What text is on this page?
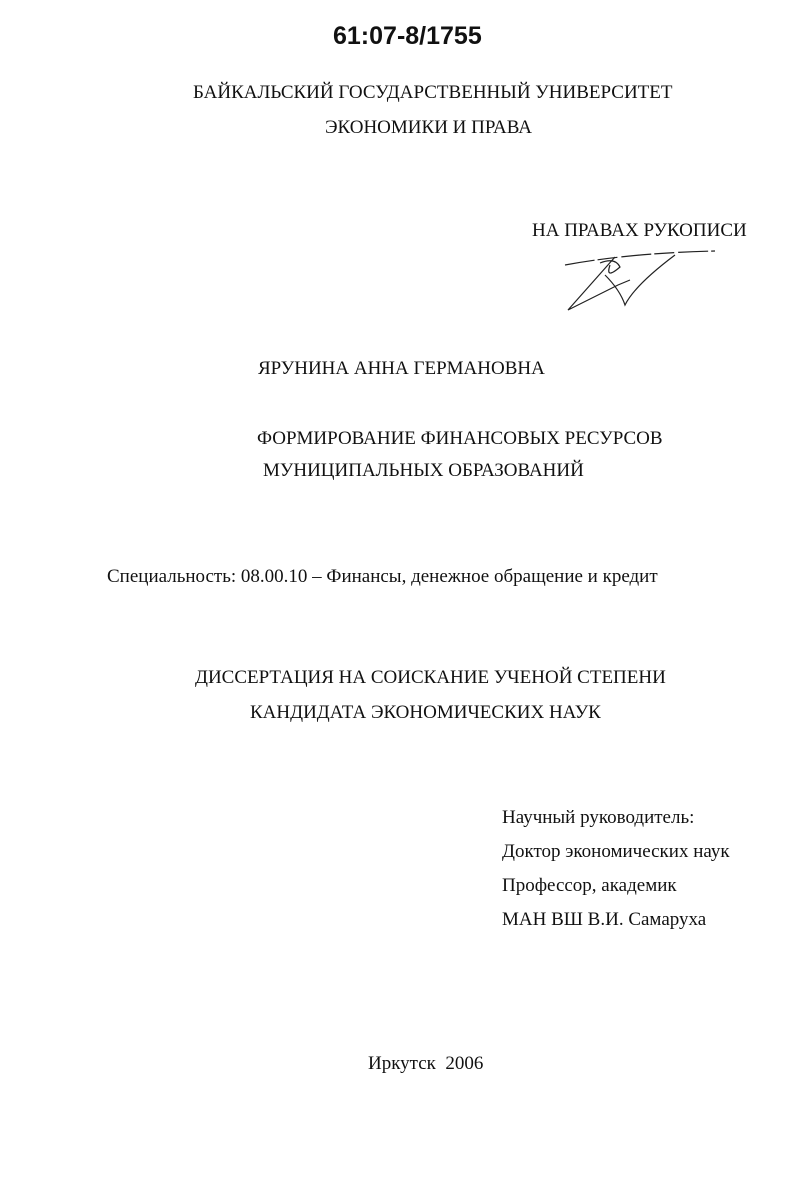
61:07-8/1755
БАЙКАЛЬСКИЙ ГОСУДАРСТВЕННЫЙ УНИВЕРСИТЕТ
ЭКОНОМИКИ И ПРАВА
НА ПРАВАХ РУКОПИСИ
ЯРУНИНА АННА ГЕРМАНОВНА
ФОРМИРОВАНИЕ ФИНАНСОВЫХ РЕСУРСОВ
МУНИЦИПАЛЬНЫХ ОБРАЗОВАНИЙ
Специальность: 08.00.10 – Финансы, денежное обращение и кредит
ДИССЕРТАЦИЯ НА СОИСКАНИЕ УЧЕНОЙ СТЕПЕНИ
КАНДИДАТА ЭКОНОМИЧЕСКИХ НАУК
Научный руководитель:
Доктор экономических наук
Профессор, академик
МАН ВШ В.И. Самаруха
Иркутск  2006
